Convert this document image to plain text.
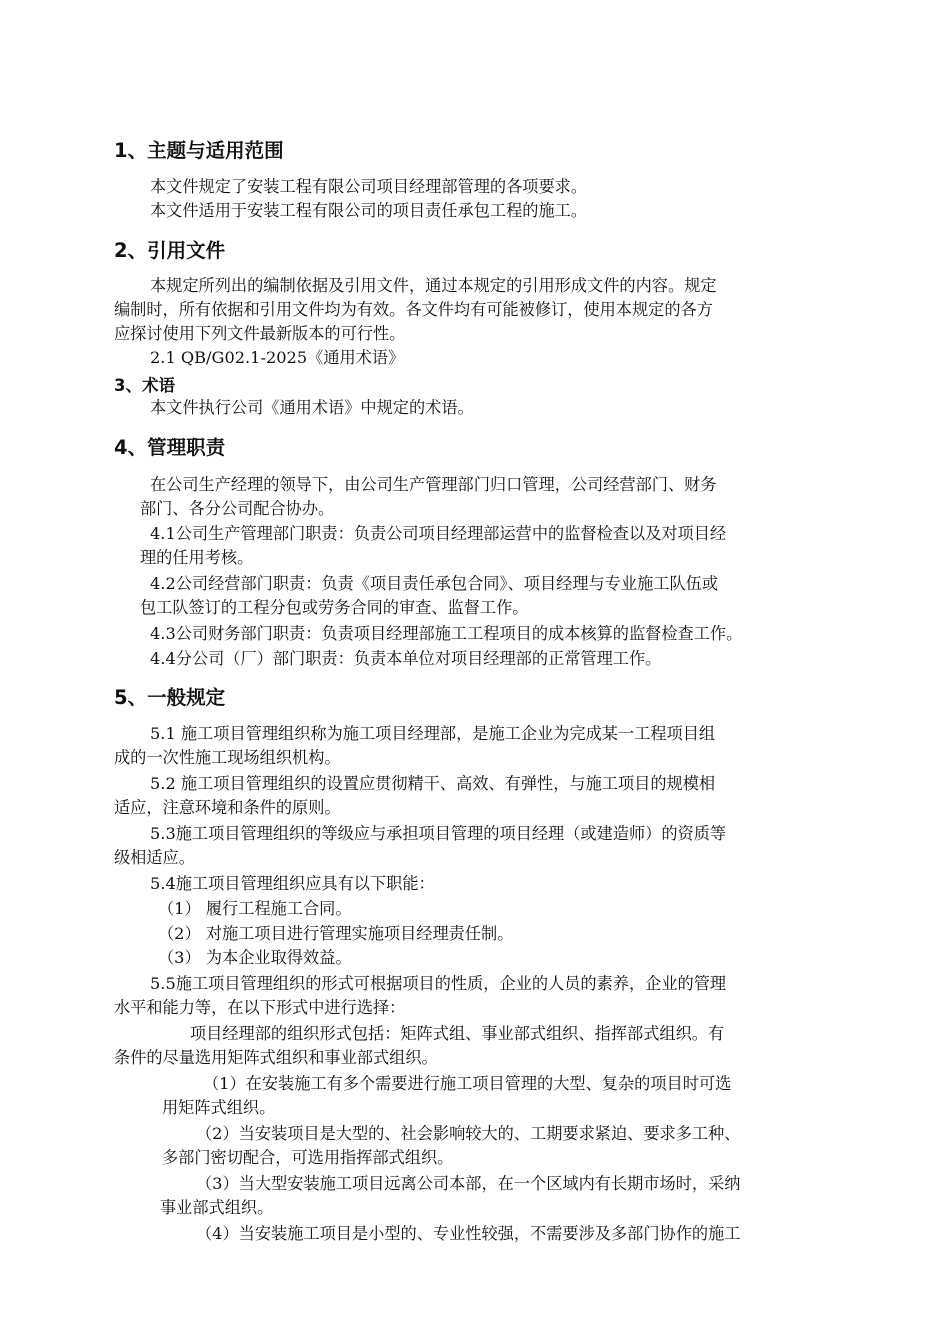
1、主题与适用范围
本文件规定了安装工程有限公司项目经理部管理的各项要求。
本文件适用于安装工程有限公司的项目责任承包工程的施工。
2、引用文件
本规定所列出的编制依据及引用文件，通过本规定的引用形成文件的内容。规定
编制时，所有依据和引用文件均为有效。各文件均有可能被修订，使用本规定的各方
应探讨使用下列文件最新版本的可行性。
2.1 QB/G02.1-2025《通用术语》
3、术语
本文件执行公司《通用术语》中规定的术语。
4、管理职责
在公司生产经理的领导下，由公司生产管理部门归口管理，公司经营部门、财务
部门、各分公司配合协办。
4.1公司生产管理部门职责：负责公司项目经理部运营中的监督检查以及对项目经
理的任用考核。
4.2公司经营部门职责：负责《项目责任承包合同》、项目经理与专业施工队伍或
包工队签订的工程分包或劳务合同的审查、监督工作。
4.3公司财务部门职责：负责项目经理部施工工程项目的成本核算的监督检查工作。
4.4分公司（厂）部门职责：负责本单位对项目经理部的正常管理工作。
5、一般规定
5.1 施工项目管理组织称为施工项目经理部，是施工企业为完成某一工程项目组
成的一次性施工现场组织机构。
5.2 施工项目管理组织的设置应贯彻精干、高效、有弹性，与施工项目的规模相
适应，注意环境和条件的原则。
5.3施工项目管理组织的等级应与承担项目管理的项目经理（或建造师）的资质等
级相适应。
5.4施工项目管理组织应具有以下职能：
（1） 履行工程施工合同。
（2） 对施工项目进行管理实施项目经理责任制。
（3） 为本企业取得效益。
5.5施工项目管理组织的形式可根据项目的性质，企业的人员的素养，企业的管理
水平和能力等，在以下形式中进行选择：
项目经理部的组织形式包括：矩阵式组、事业部式组织、指挥部式组织。有
条件的尽量选用矩阵式组织和事业部式组织。
（1）在安装施工有多个需要进行施工项目管理的大型、复杂的项目时可选
用矩阵式组织。
（2）当安装项目是大型的、社会影响较大的、工期要求紧迫、要求多工种、
多部门密切配合，可选用指挥部式组织。
（3）当大型安装施工项目远离公司本部，在一个区域内有长期市场时，采纳
事业部式组织。
（4）当安装施工项目是小型的、专业性较强，不需要涉及多部门协作的施工
